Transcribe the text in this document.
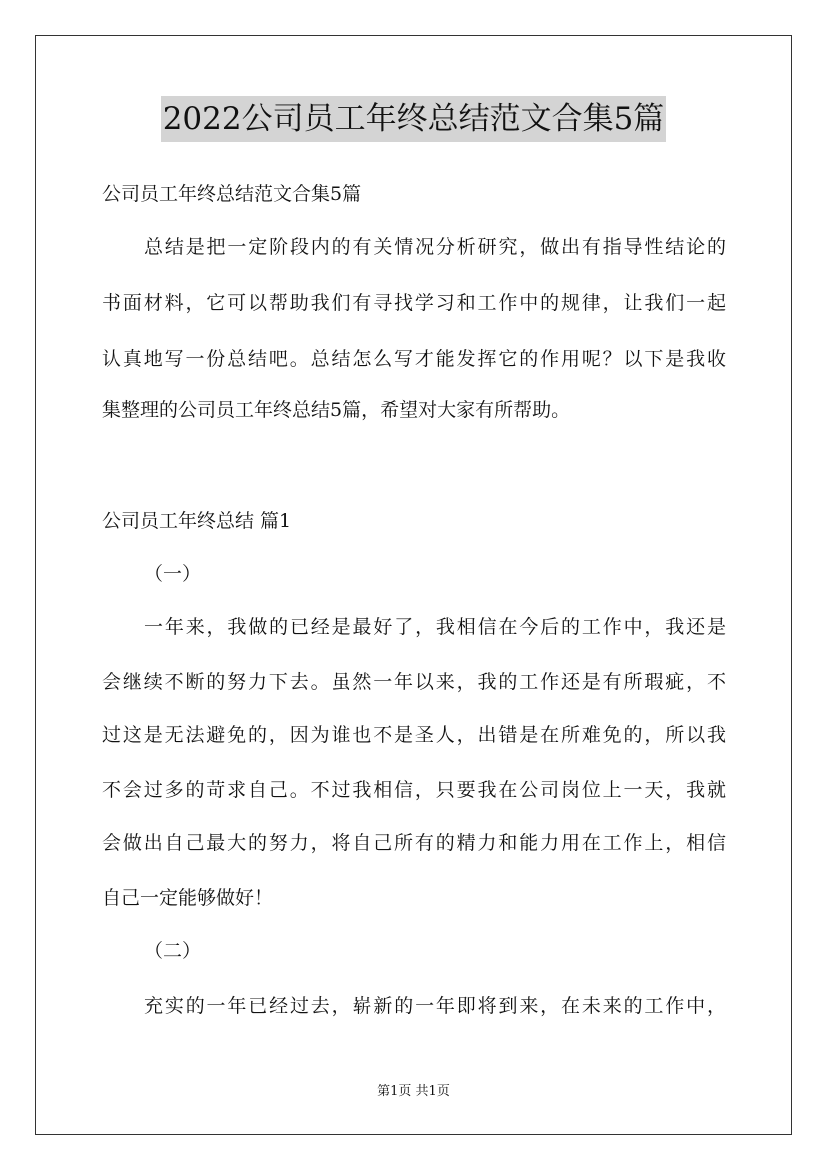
2022公司员工年终总结范文合集5篇
公司员工年终总结范文合集5篇
总结是把一定阶段内的有关情况分析研究，做出有指导性结论的
书面材料，它可以帮助我们有寻找学习和工作中的规律，让我们一起
认真地写一份总结吧。总结怎么写才能发挥它的作用呢？以下是我收
集整理的公司员工年终总结5篇，希望对大家有所帮助。
公司员工年终总结 篇1
（一）
一年来，我做的已经是最好了，我相信在今后的工作中，我还是
会继续不断的努力下去。虽然一年以来，我的工作还是有所瑕疵，不
过这是无法避免的，因为谁也不是圣人，出错是在所难免的，所以我
不会过多的苛求自己。不过我相信，只要我在公司岗位上一天，我就
会做出自己最大的努力，将自己所有的精力和能力用在工作上，相信
自己一定能够做好！
（二）
充实的一年已经过去，崭新的一年即将到来，在未来的工作中，
第1页 共1页
